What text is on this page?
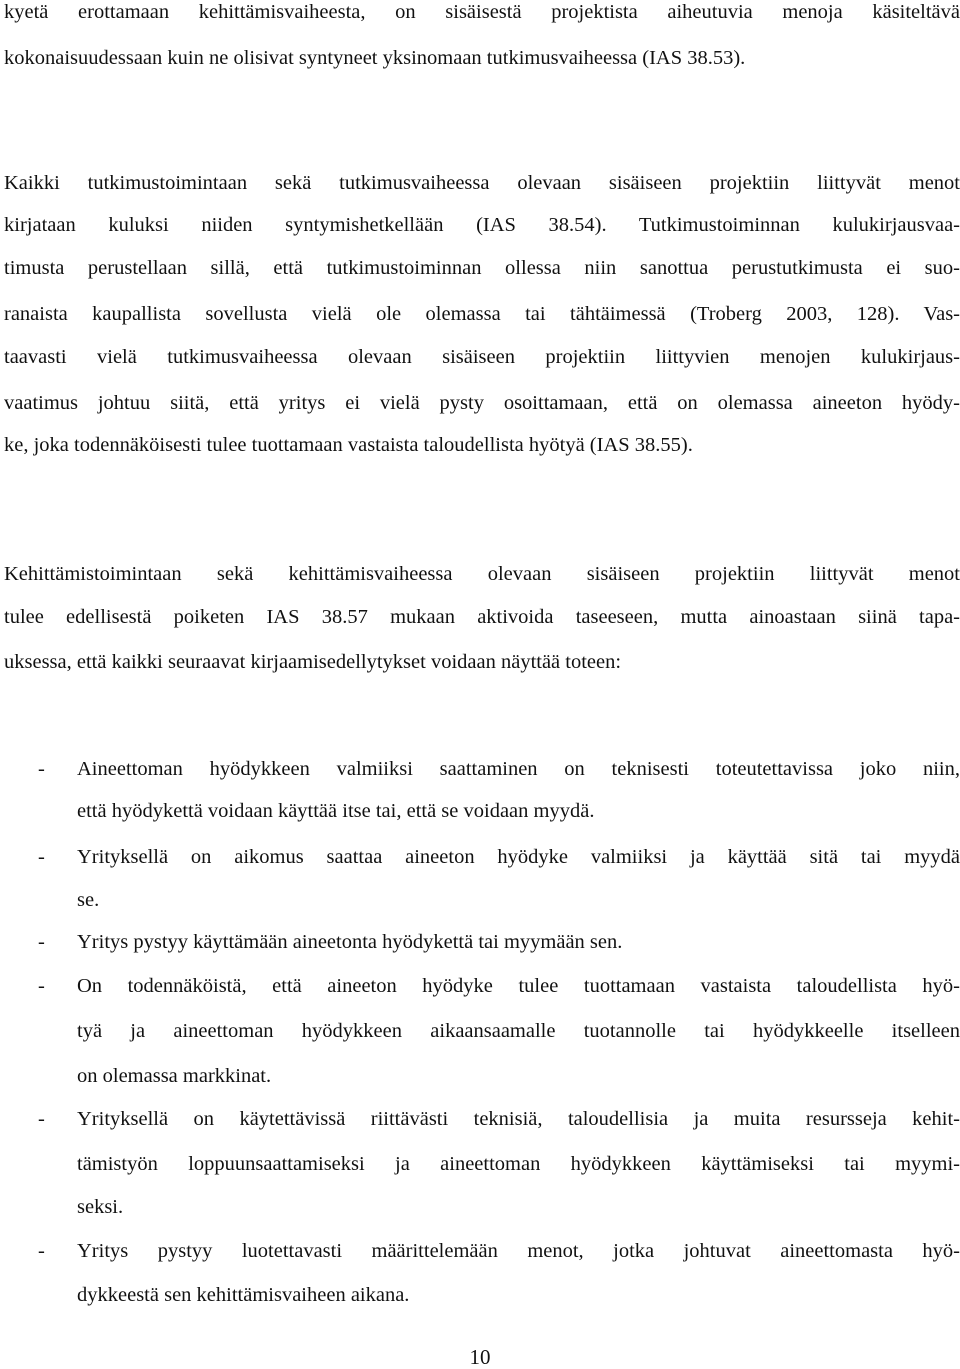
kyetä erottamaan kehittämisvaiheesta, on sisäisestä projektista aiheutuvia menoja käsiteltävä

kokonaisuudessaan kuin ne olisivat syntyneet yksinomaan tutkimusvaiheessa (IAS 38.53).

Kaikki tutkimustoimintaan sekä tutkimusvaiheessa olevaan sisäiseen projektiin liittyvät menot

kirjataan kuluksi niiden syntymishetkellään (IAS 38.54). Tutkimustoiminnan kulukirjausvaa-

timusta perustellaan sillä, että tutkimustoiminnan ollessa niin sanottua perustutkimusta ei suo-

ranaista kaupallista sovellusta vielä ole olemassa tai tähtäimessä (Troberg 2003, 128). Vas-

taavasti vielä tutkimusvaiheessa olevaan sisäiseen projektiin liittyvien menojen kulukirjaus-

vaatimus johtuu siitä, että yritys ei vielä pysty osoittamaan, että on olemassa aineeton hyödy-

ke, joka todennäköisesti tulee tuottamaan vastaista taloudellista hyötyä (IAS 38.55).

Kehittämistoimintaan sekä kehittämisvaiheessa olevaan sisäiseen projektiin liittyvät menot

tulee edellisestä poiketen IAS 38.57 mukaan aktivoida taseeseen, mutta ainoastaan siinä tapa-

uksessa, että kaikki seuraavat kirjaamisedellytykset voidaan näyttää toteen:

- Aineettoman hyödykkeen valmiiksi saattaminen on teknisesti toteutettavissa joko niin,

että hyödykettä voidaan käyttää itse tai, että se voidaan myydä.

- Yrityksellä on aikomus saattaa aineeton hyödyke valmiiksi ja käyttää sitä tai myydä

se.

- Yritys pystyy käyttämään aineetonta hyödykettä tai myymään sen.

- On todennäköistä, että aineeton hyödyke tulee tuottamaan vastaista taloudellista hyö-

tyä ja aineettoman hyödykkeen aikaansaamalle tuotannolle tai hyödykkeelle itselleen

on olemassa markkinat.

- Yrityksellä on käytettävissä riittävästi teknisiä, taloudellisia ja muita resursseja kehit-

tämistyön loppuunsaattamiseksi ja aineettoman hyödykkeen käyttämiseksi tai myymi-

seksi.

- Yritys pystyy luotettavasti määrittelemään menot, jotka johtuvat aineettomasta hyö-

dykkeestä sen kehittämisvaiheen aikana.

10
